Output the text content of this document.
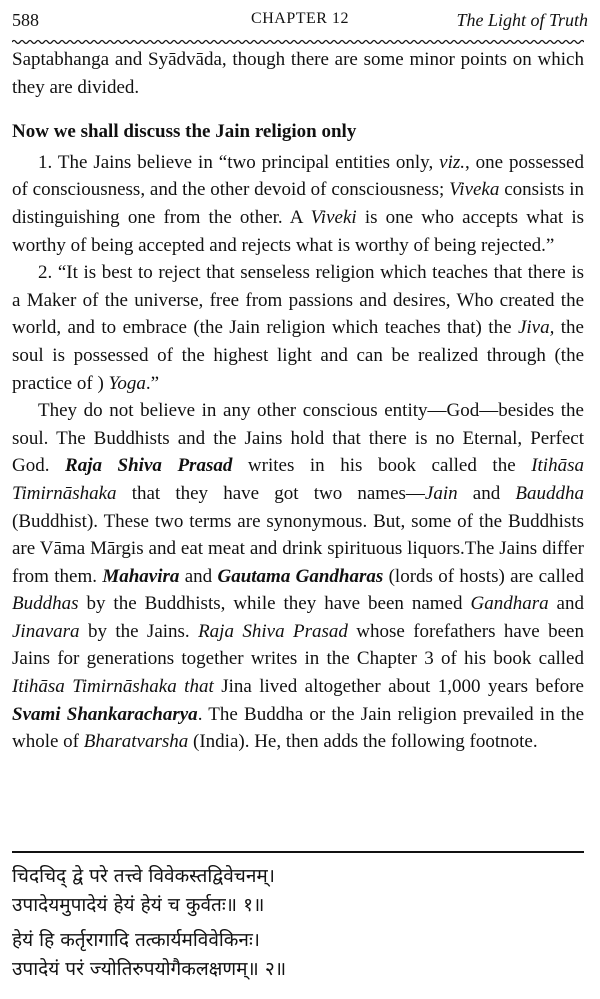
588	CHAPTER 12	The Light of Truth

Saptabhanga and Syādvāda, though there are some minor points on which they are divided.

Now we shall discuss the Jain religion only

1. The Jains believe in “two principal entities only, viz., one possessed of consciousness, and the other devoid of consciousness; Viveka consists in distinguishing one from the other. A Viveki is one who accepts what is worthy of being accepted and rejects what is worthy of being rejected.”

2. “It is best to reject that senseless religion which teaches that there is a Maker of the universe, free from passions and desires, Who created the world, and to embrace (the Jain religion which teaches that) the Jiva, the soul is possessed of the highest light and can be realized through (the practice of ) Yoga.”

They do not believe in any other conscious entity—God—besides the soul. The Buddhists and the Jains hold that there is no Eternal, Perfect God. Raja Shiva Prasad writes in his book called the Itihāsa Timirnāshaka that they have got two names—Jain and Bauddha (Buddhist). These two terms are synonymous. But, some of the Buddhists are Vāma Mārgis and eat meat and drink spirituous liquors.The Jains differ from them. Mahavira and Gautama Gandharas (lords of hosts) are called Buddhas by the Buddhists, while they have been named Gandhara and Jinavara by the Jains. Raja Shiva Prasad whose forefathers have been Jains for generations together writes in the Chapter 3 of his book called Itihāsa Timirnāshaka that Jina lived altogether about 1,000 years before Svami Shankaracharya. The Buddha or the Jain religion prevailed in the whole of Bharatvarsha (India). He, then adds the following footnote.

चिदचिद् द्वे परे तत्त्वे विवेकस्तद्विवेचनम्।

उपादेयमुपादेयं हेयं हेयं च कुर्वतः॥ १॥

हेयं हि कर्तृरागादि तत्कार्यमविवेकिनः।

उपादेयं परं ज्योतिरुपयोगैकलक्षणम्॥ २॥
